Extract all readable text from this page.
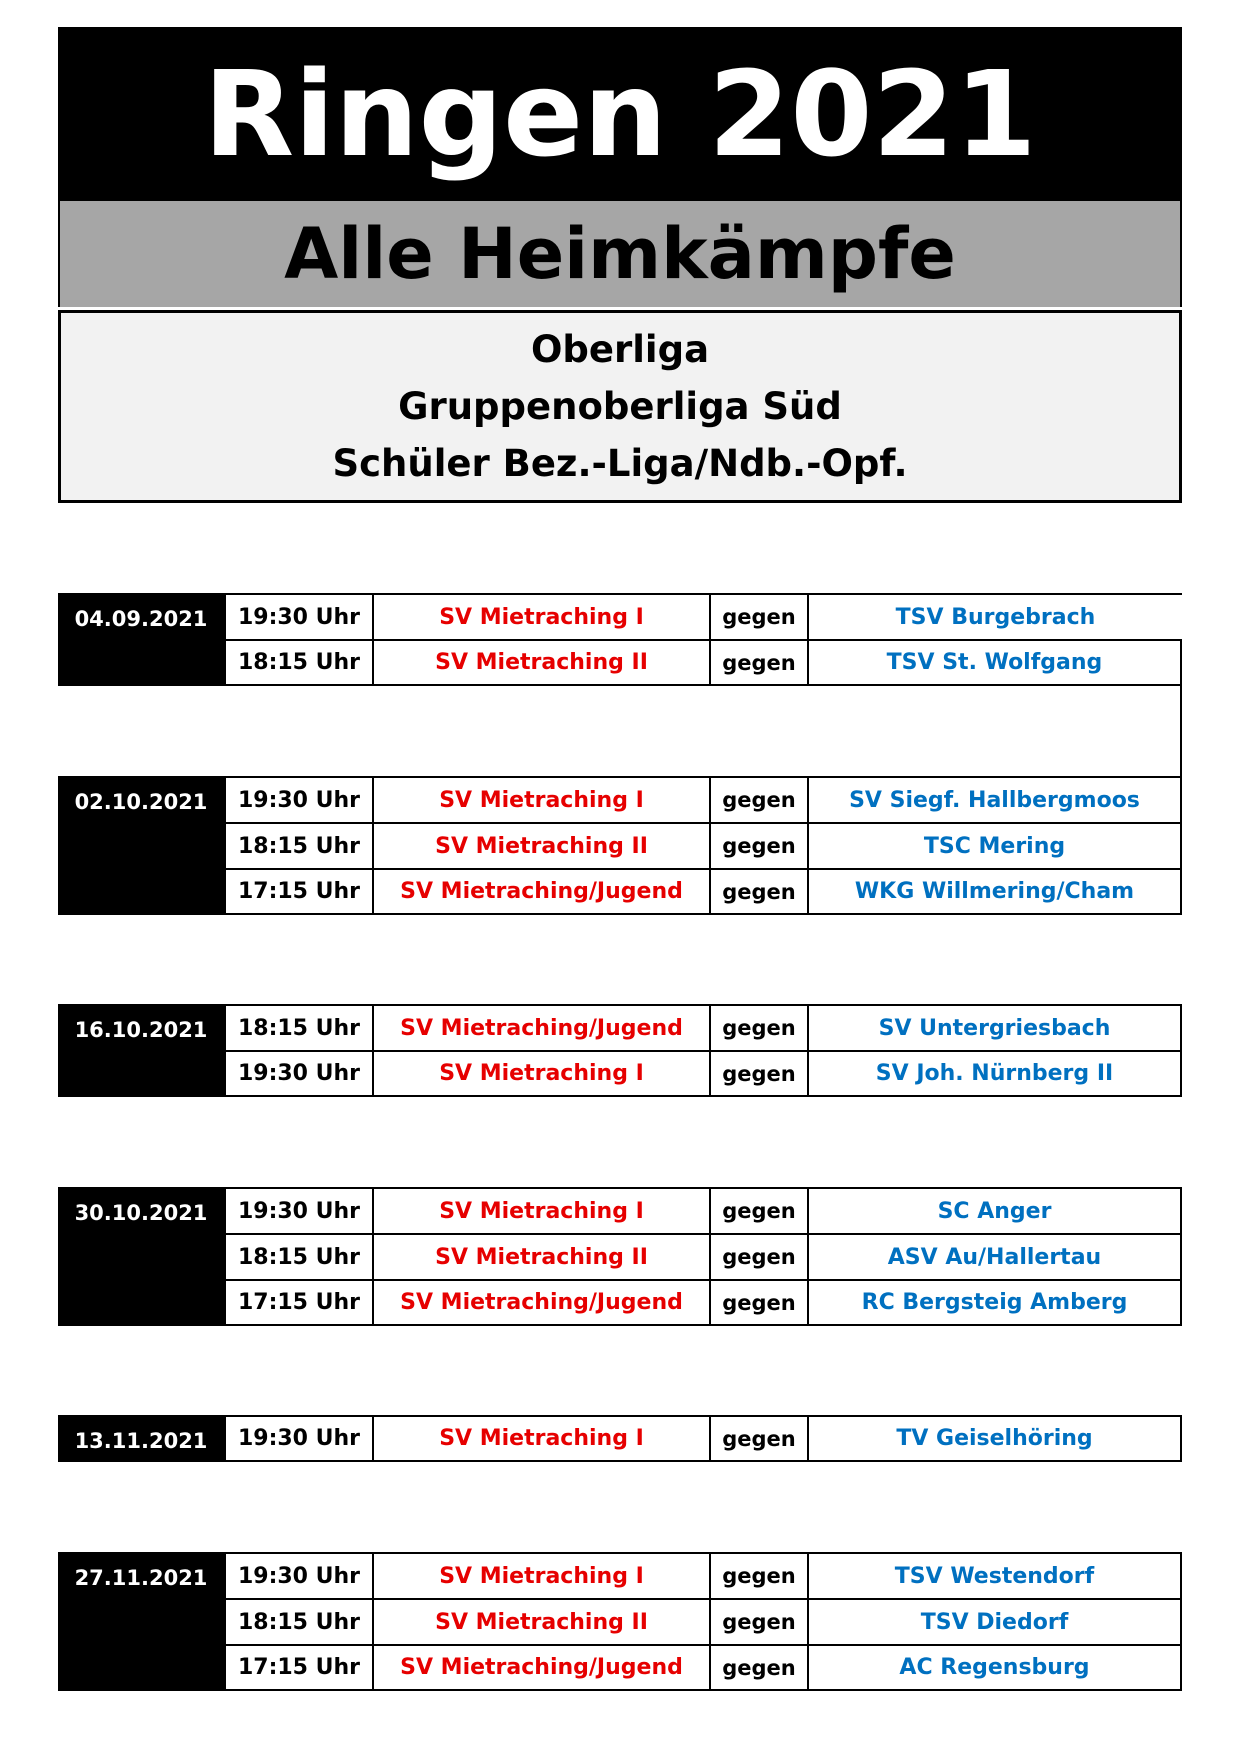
Ringen 2021
Alle Heimkämpfe
Oberliga
Gruppenoberliga Süd
Schüler Bez.-Liga/Ndb.-Opf.
04.09.2021	19:30 Uhr	SV Mietraching I	gegen	TSV Burgebrach
18:15 Uhr	SV Mietraching II	gegen	TSV St. Wolfgang
02.10.2021	19:30 Uhr	SV Mietraching I	gegen	SV Siegf. Hallbergmoos
18:15 Uhr	SV Mietraching II	gegen	TSC Mering
17:15 Uhr	SV Mietraching/Jugend	gegen	WKG Willmering/Cham
16.10.2021	18:15 Uhr	SV Mietraching/Jugend	gegen	SV Untergriesbach
19:30 Uhr	SV Mietraching I	gegen	SV Joh. Nürnberg II
30.10.2021	19:30 Uhr	SV Mietraching I	gegen	SC Anger
18:15 Uhr	SV Mietraching II	gegen	ASV Au/Hallertau
17:15 Uhr	SV Mietraching/Jugend	gegen	RC Bergsteig Amberg
13.11.2021	19:30 Uhr	SV Mietraching I	gegen	TV Geiselhöring
27.11.2021	19:30 Uhr	SV Mietraching I	gegen	TSV Westendorf
18:15 Uhr	SV Mietraching II	gegen	TSV Diedorf
17:15 Uhr	SV Mietraching/Jugend	gegen	AC Regensburg
